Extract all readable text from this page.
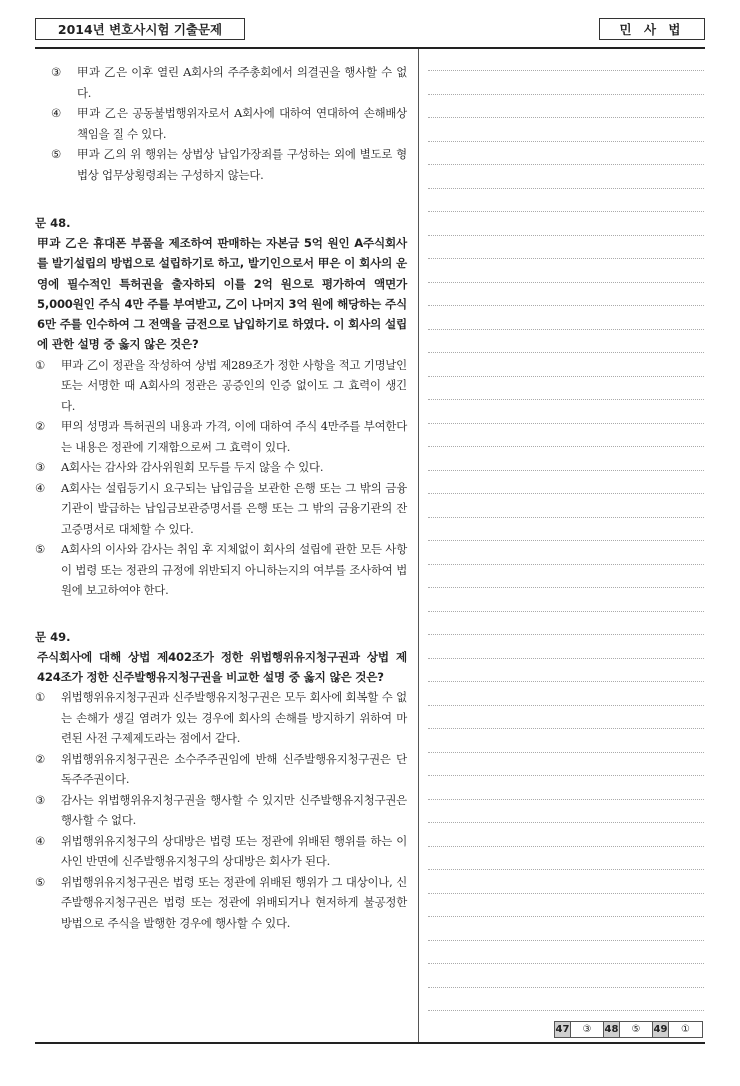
2014년 변호사시험 기출문제	민 사 법
③	甲과 乙은 이후 열린 A회사의 주주총회에서 의결권을 행사할 수 없다.
④	甲과 乙은 공동불법행위자로서 A회사에 대하여 연대하여 손해배상책임을 질 수 있다.
⑤	甲과 乙의 위 행위는 상법상 납입가장죄를 구성하는 외에 별도로 형법상 업무상횡령죄는 구성하지 않는다.
문 48.
甲과 乙은 휴대폰 부품을 제조하여 판매하는 자본금 5억 원인 A주식회사를 발기설립의 방법으로 설립하기로 하고, 발기인으로서 甲은 이 회사의 운영에 필수적인 특허권을 출자하되 이를 2억 원으로 평가하여 액면가 5,000원인 주식 4만 주를 부여받고, 乙이 나머지 3억 원에 해당하는 주식 6만 주를 인수하여 그 전액을 금전으로 납입하기로 하였다. 이 회사의 설립에 관한 설명 중 옳지 않은 것은?
①	甲과 乙이 정관을 작성하여 상법 제289조가 정한 사항을 적고 기명날인 또는 서명한 때 A회사의 정관은 공증인의 인증 없이도 그 효력이 생긴다.
②	甲의 성명과 특허권의 내용과 가격, 이에 대하여 주식 4만주를 부여한다는 내용은 정관에 기재함으로써 그 효력이 있다.
③	A회사는 감사와 감사위원회 모두를 두지 않을 수 있다.
④	A회사는 설립등기시 요구되는 납입금을 보관한 은행 또는 그 밖의 금융기관이 발급하는 납입금보관증명서를 은행 또는 그 밖의 금융기관의 잔고증명서로 대체할 수 있다.
⑤	A회사의 이사와 감사는 취임 후 지체없이 회사의 설립에 관한 모든 사항이 법령 또는 정관의 규정에 위반되지 아니하는지의 여부를 조사하여 법원에 보고하여야 한다.
문 49.
주식회사에 대해 상법 제402조가 정한 위법행위유지청구권과 상법 제424조가 정한 신주발행유지청구권을 비교한 설명 중 옳지 않은 것은?
①	위법행위유지청구권과 신주발행유지청구권은 모두 회사에 회복할 수 없는 손해가 생길 염려가 있는 경우에 회사의 손해를 방지하기 위하여 마련된 사전 구제제도라는 점에서 같다.
②	위법행위유지청구권은 소수주주권임에 반해 신주발행유지청구권은 단독주주권이다.
③	감사는 위법행위유지청구권을 행사할 수 있지만 신주발행유지청구권은 행사할 수 없다.
④	위법행위유지청구의 상대방은 법령 또는 정관에 위배된 행위를 하는 이사인 반면에 신주발행유지청구의 상대방은 회사가 된다.
⑤	위법행위유지청구권은 법령 또는 정관에 위배된 행위가 그 대상이나, 신주발행유지청구권은 법령 또는 정관에 위배되거나 현저하게 불공정한 방법으로 주식을 발행한 경우에 행사할 수 있다.
47	③	48	⑤	49	①
